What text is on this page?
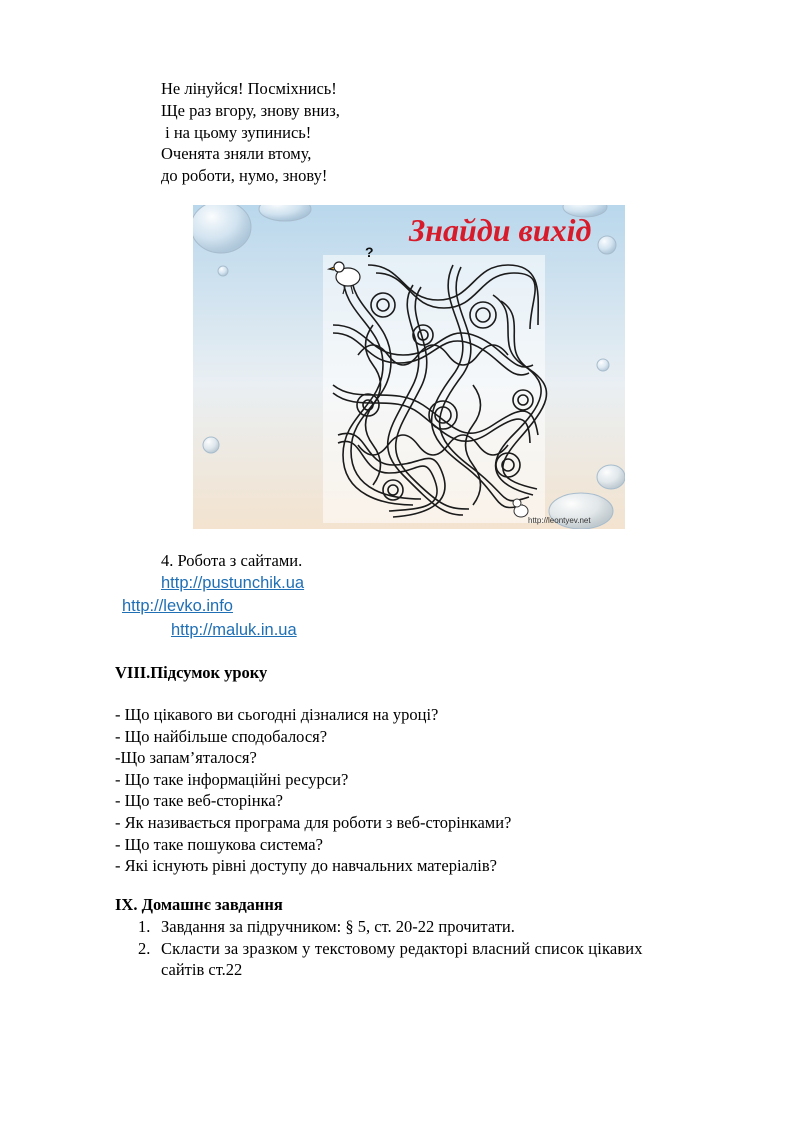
Не лінуйся! Посміхнись!
Ще раз вгору, знову вниз,
і на цьому зупинись!
Оченята зняли втому,
до роботи, нумо, знову!
?
Знайди вихід
http://leontyev.net
4. Робота з сайтами.
http://pustunchik.ua
http://levko.info
http://maluk.in.ua
VIII.Підсумок уроку
- Що цікавого ви сьогодні дізналися на уроці?
- Що найбільше сподобалося?
-Що запам’яталося?
- Що таке інформаційні ресурси?
- Що таке веб-сторінка?
- Як називається програма для роботи з веб-сторінками?
- Що таке пошукова система?
- Які існують рівні доступу до навчальних матеріалів?
IX. Домашнє завдання
1. Завдання за підручником: § 5, ст. 20-22 прочитати.
2. Скласти за зразком у текстовому редакторі власний список цікавих
сайтів ст.22
